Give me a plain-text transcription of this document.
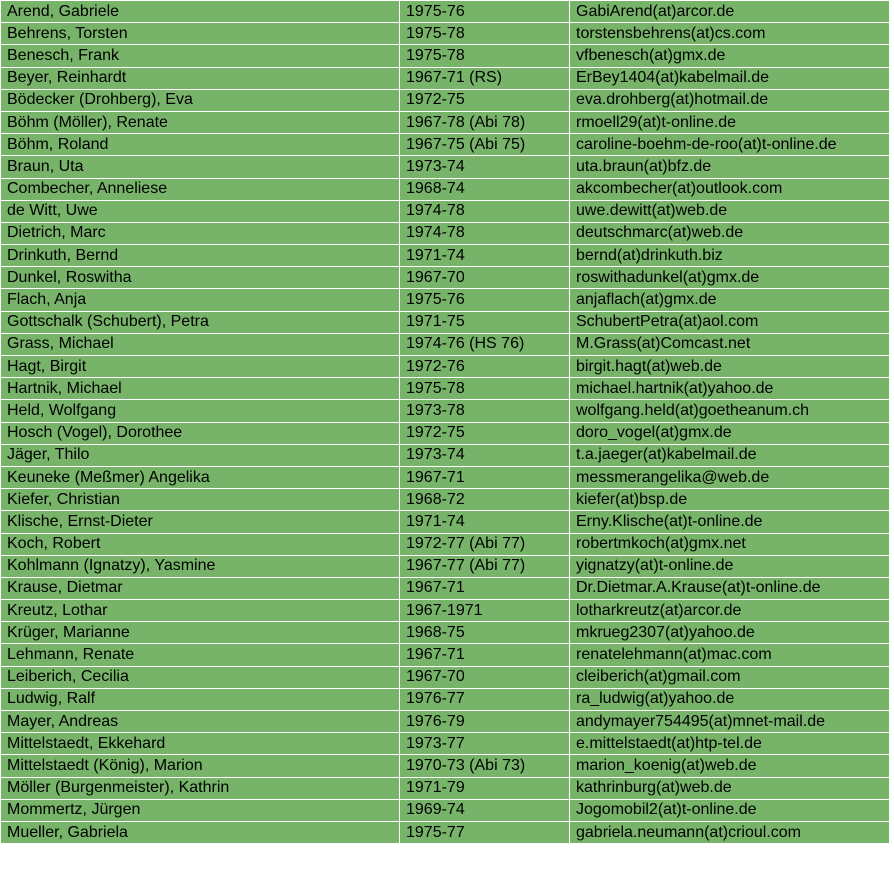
Arend, Gabriele	1975-76	GabiArend(at)arcor.de
Behrens, Torsten	1975-78	torstensbehrens(at)cs.com
Benesch, Frank	1975-78	vfbenesch(at)gmx.de
Beyer, Reinhardt	1967-71 (RS)	ErBey1404(at)kabelmail.de
Bödecker (Drohberg), Eva	1972-75	eva.drohberg(at)hotmail.de
Böhm (Möller), Renate	1967-78 (Abi 78)	rmoell29(at)t-online.de
Böhm, Roland	1967-75 (Abi 75)	caroline-boehm-de-roo(at)t-online.de
Braun, Uta	1973-74	uta.braun(at)bfz.de
Combecher, Anneliese	1968-74	akcombecher(at)outlook.com
de Witt, Uwe	1974-78	uwe.dewitt(at)web.de
Dietrich, Marc	1974-78	deutschmarc(at)web.de
Drinkuth, Bernd	1971-74	bernd(at)drinkuth.biz
Dunkel, Roswitha	1967-70	roswithadunkel(at)gmx.de
Flach, Anja	1975-76	anjaflach(at)gmx.de
Gottschalk (Schubert), Petra	1971-75	SchubertPetra(at)aol.com
Grass, Michael	1974-76 (HS 76)	M.Grass(at)Comcast.net
Hagt, Birgit	1972-76	birgit.hagt(at)web.de
Hartnik, Michael	1975-78	michael.hartnik(at)yahoo.de
Held, Wolfgang	1973-78	wolfgang.held(at)goetheanum.ch
Hosch (Vogel), Dorothee	1972-75	doro_vogel(at)gmx.de
Jäger, Thilo	1973-74	t.a.jaeger(at)kabelmail.de
Keuneke (Meßmer) Angelika	1967-71	messmerangelika@web.de
Kiefer, Christian	1968-72	kiefer(at)bsp.de
Klische, Ernst-Dieter	1971-74	Erny.Klische(at)t-online.de
Koch, Robert	1972-77 (Abi 77)	robertmkoch(at)gmx.net
Kohlmann (Ignatzy), Yasmine	1967-77 (Abi 77)	yignatzy(at)t-online.de
Krause, Dietmar	1967-71	Dr.Dietmar.A.Krause(at)t-online.de
Kreutz, Lothar	1967-1971	lotharkreutz(at)arcor.de
Krüger, Marianne	1968-75	mkrueg2307(at)yahoo.de
Lehmann, Renate	1967-71	renatelehmann(at)mac.com
Leiberich, Cecilia	1967-70	cleiberich(at)gmail.com
Ludwig, Ralf	1976-77	ra_ludwig(at)yahoo.de
Mayer, Andreas	1976-79	andymayer754495(at)mnet-mail.de
Mittelstaedt, Ekkehard	1973-77	e.mittelstaedt(at)htp-tel.de
Mittelstaedt (König), Marion	1970-73 (Abi 73)	marion_koenig(at)web.de
Möller (Burgenmeister), Kathrin	1971-79	kathrinburg(at)web.de
Mommertz, Jürgen	1969-74	Jogomobil2(at)t-online.de
Mueller, Gabriela	1975-77	gabriela.neumann(at)crioul.com
